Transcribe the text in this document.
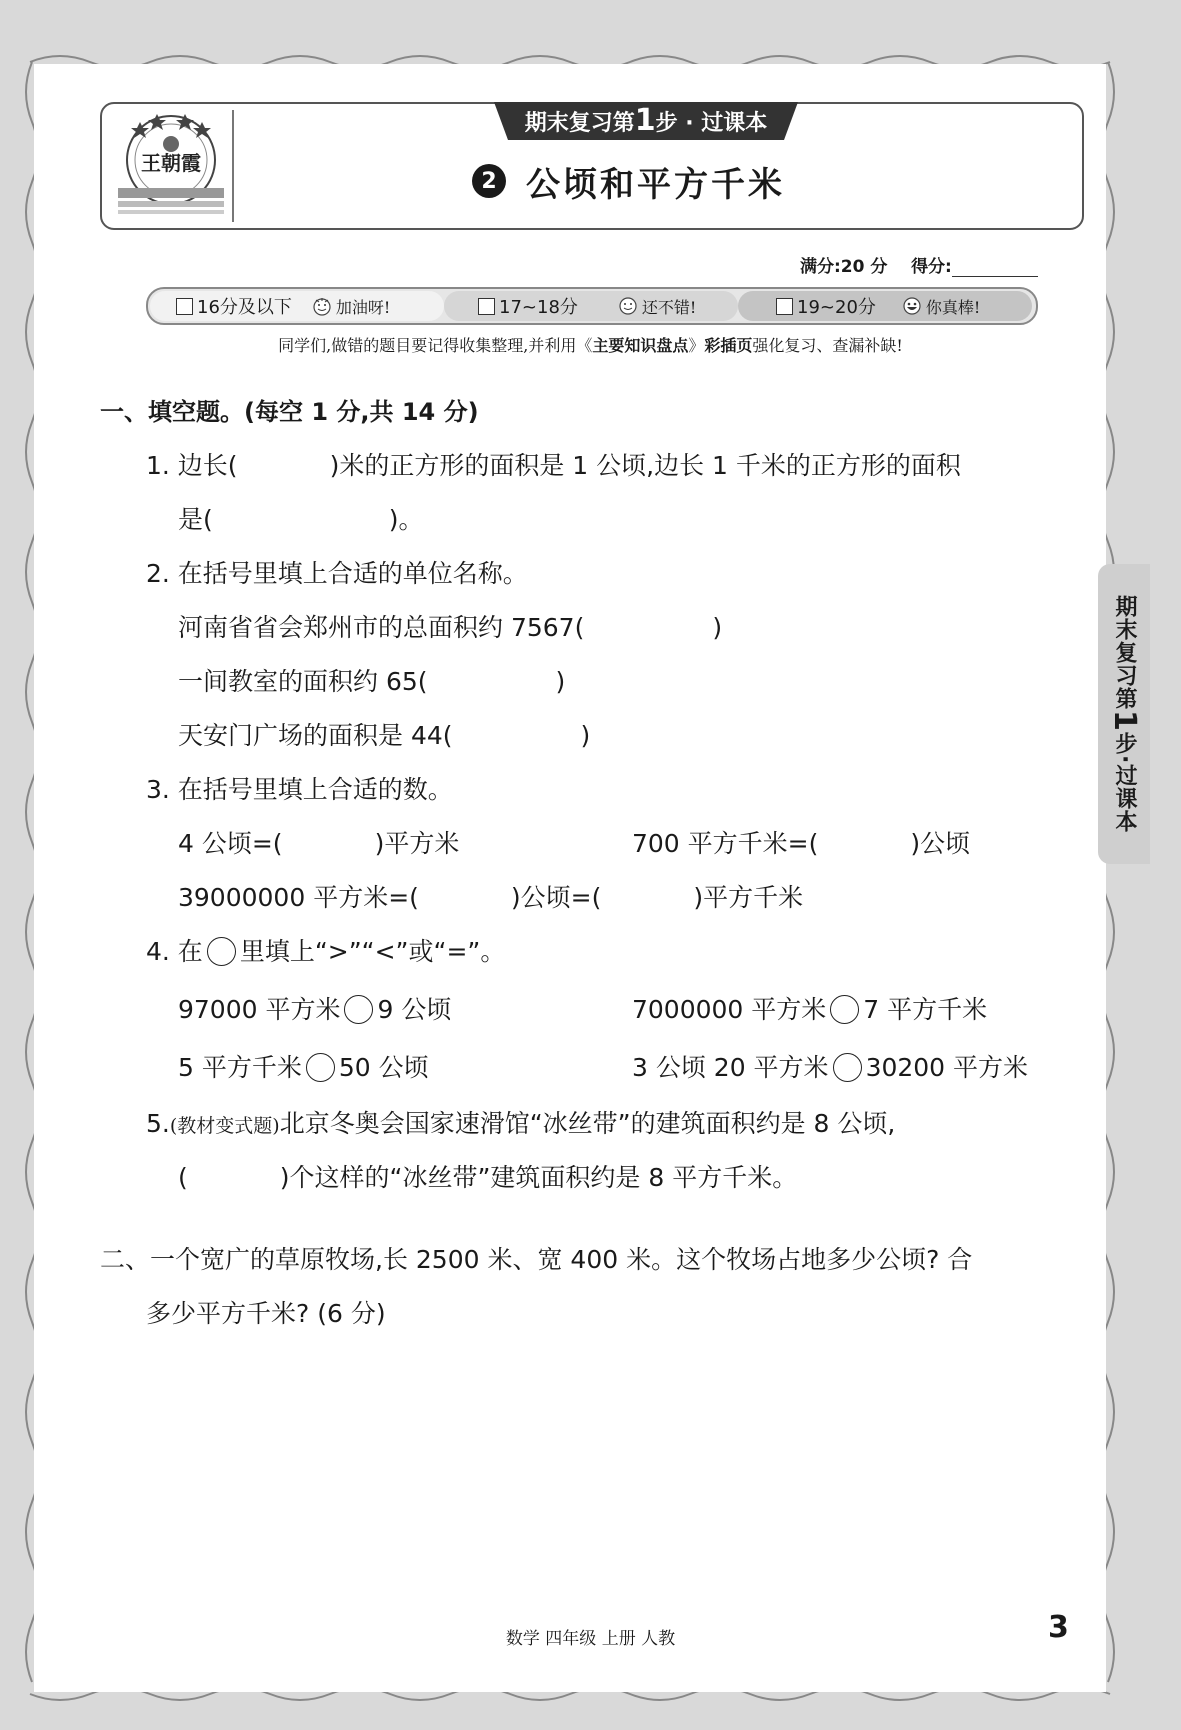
王朝霞
期末复习第1步 · 过课本
2 公顷和平方千米
满分:20 分 得分:
16分及以下	加油呀!	17~18分	还不错!	19~20分	你真棒!
同学们,做错的题目要记得收集整理,并利用《主要知识盘点》彩插页强化复习、查漏补缺!
一、填空题。(每空 1 分,共 14 分)
1. 边长(	)米的正方形的面积是 1 公顷,边长 1 千米的正方形的面积
是(	)。
2. 在括号里填上合适的单位名称。
河南省省会郑州市的总面积约 7567(	)
一间教室的面积约 65(	)
天安门广场的面积是 44(	)
3. 在括号里填上合适的数。
4 公顷=(	)平方米	700 平方千米=(	)公顷
39000000 平方米=(	)公顷=(	)平方千米
4. 在 里填上“>”“<”或“=”。
97000 平方米 9 公顷	7000000 平方米 7 平方千米
5 平方千米 50 公顷	3 公顷 20 平方米 30200 平方米
5.(教材变式题)北京冬奥会国家速滑馆“冰丝带”的建筑面积约是 8 公顷,
(	)个这样的“冰丝带”建筑面积约是 8 平方千米。
二、一个宽广的草原牧场,长 2500 米、宽 400 米。这个牧场占地多少公顷? 合
多少平方千米? (6 分)
期末复习第
1
步·过课本
数学 四年级 上册 人教	3
